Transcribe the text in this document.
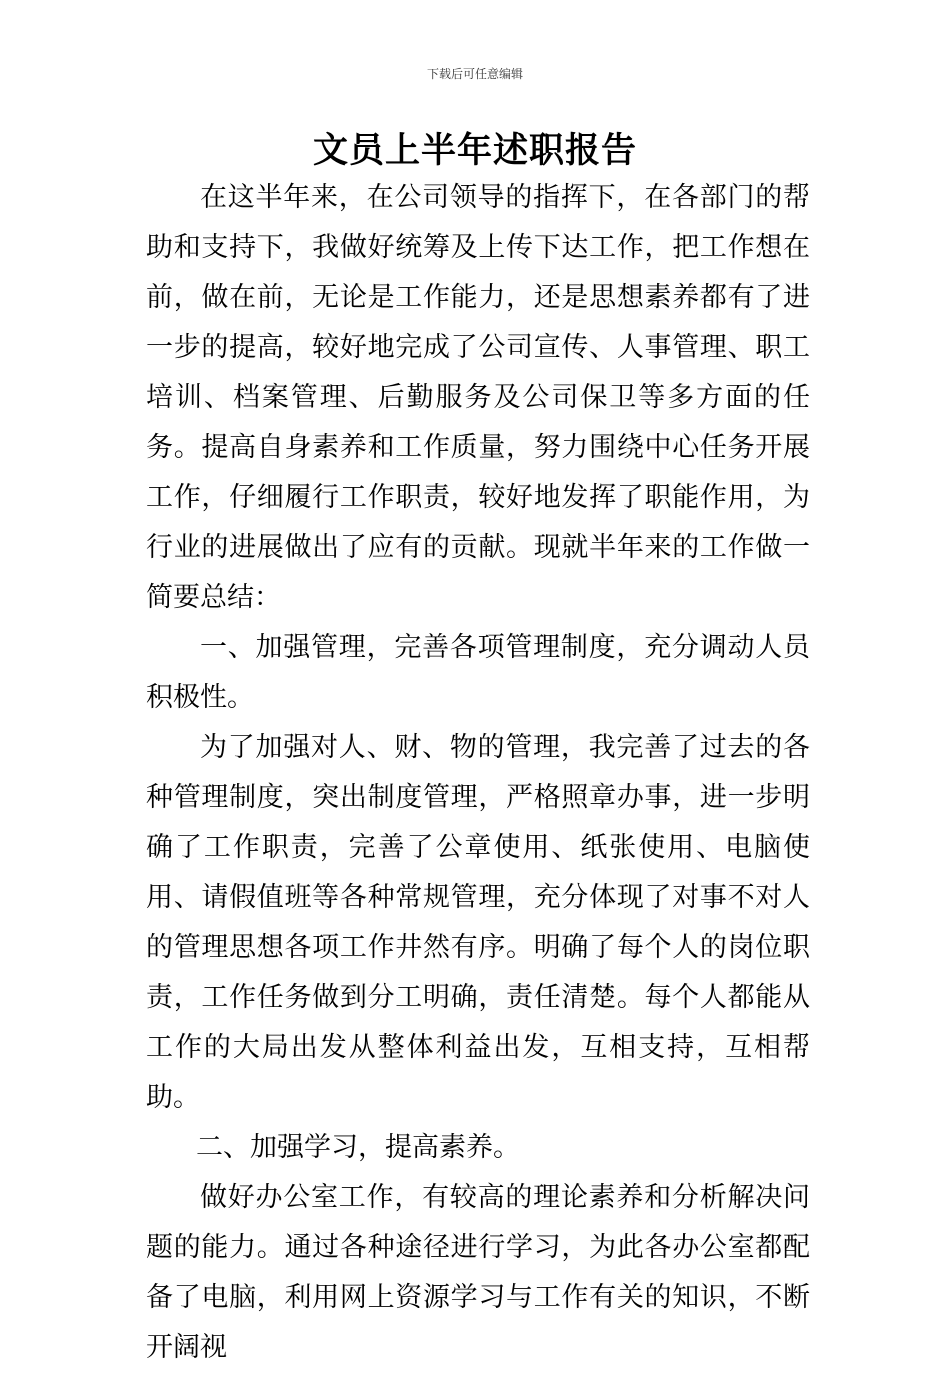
下载后可任意编辑
文员上半年述职报告

在这半年来，在公司领导的指挥下，在各部门的帮助和支持下，我做好统筹及上传下达工作，把工作想在前，做在前，无论是工作能力，还是思想素养都有了进一步的提高，较好地完成了公司宣传、人事管理、职工培训、档案管理、后勤服务及公司保卫等多方面的任务。提高自身素养和工作质量，努力围绕中心任务开展工作，仔细履行工作职责，较好地发挥了职能作用，为行业的进展做出了应有的贡献。现就半年来的工作做一简要总结：

一、加强管理，完善各项管理制度，充分调动人员积极性。

为了加强对人、财、物的管理，我完善了过去的各种管理制度，突出制度管理，严格照章办事，进一步明确了工作职责，完善了公章使用、纸张使用、电脑使用、请假值班等各种常规管理，充分体现了对事不对人的管理思想各项工作井然有序。明确了每个人的岗位职责，工作任务做到分工明确，责任清楚。每个人都能从工作的大局出发从整体利益出发，互相支持，互相帮助。

二、加强学习，提高素养。

做好办公室工作，有较高的理论素养和分析解决问题的能力。通过各种途径进行学习，为此各办公室都配备了电脑，利用网上资源学习与工作有关的知识，不断开阔视
